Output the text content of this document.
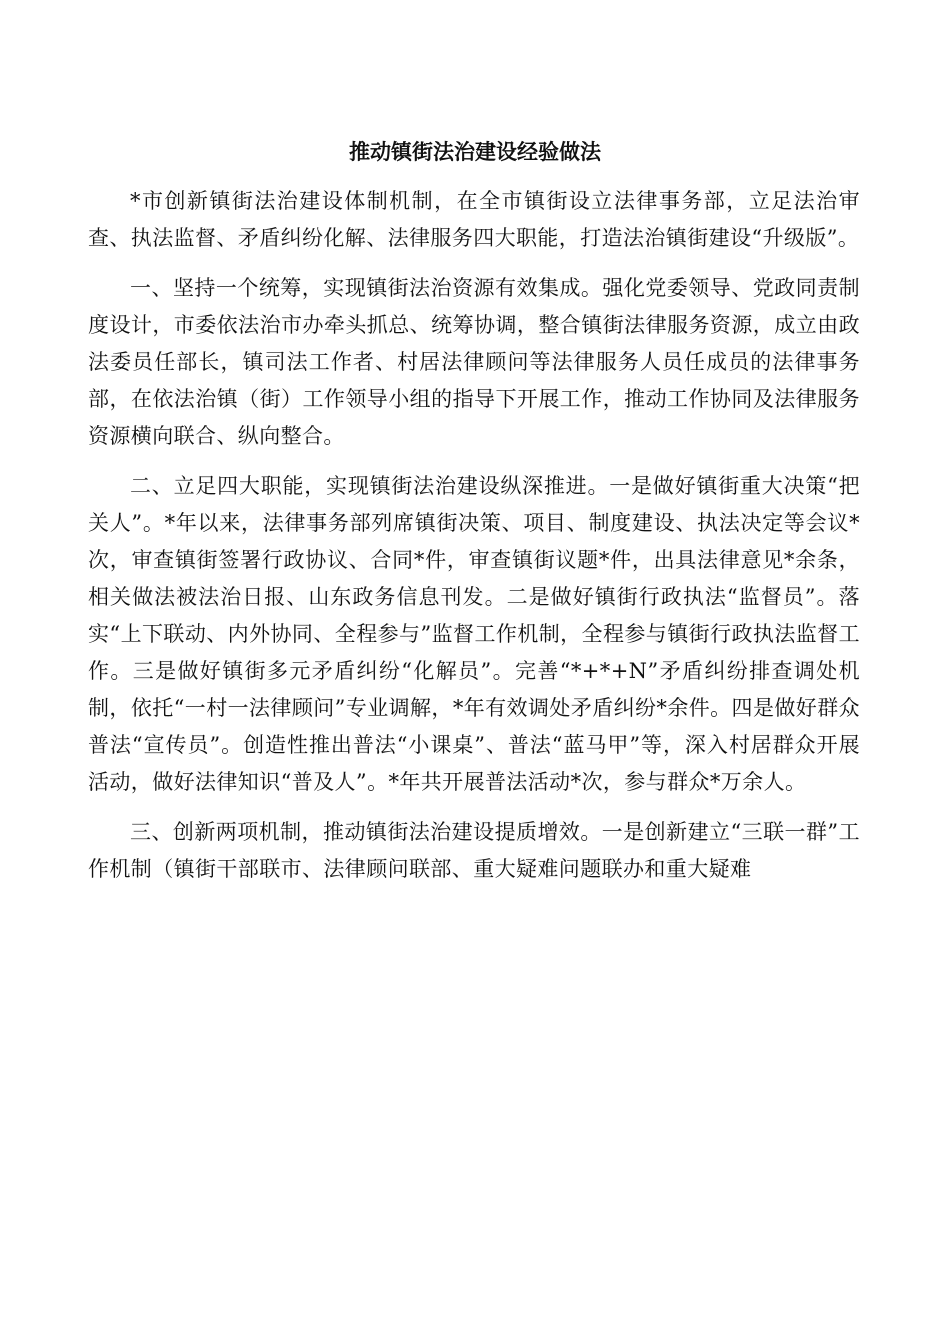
推动镇街法治建设经验做法

*市创新镇街法治建设体制机制，在全市镇街设立法律事务部，立足法治审查、执法监督、矛盾纠纷化解、法律服务四大职能，打造法治镇街建设“升级版”。

一、坚持一个统筹，实现镇街法治资源有效集成。强化党委领导、党政同责制度设计，市委依法治市办牵头抓总、统筹协调，整合镇街法律服务资源，成立由政法委员任部长，镇司法工作者、村居法律顾问等法律服务人员任成员的法律事务部，在依法治镇（街）工作领导小组的指导下开展工作，推动工作协同及法律服务资源横向联合、纵向整合。

二、立足四大职能，实现镇街法治建设纵深推进。一是做好镇街重大决策“把关人”。*年以来，法律事务部列席镇街决策、项目、制度建设、执法决定等会议*次，审查镇街签署行政协议、合同*件，审查镇街议题*件，出具法律意见*余条，相关做法被法治日报、山东政务信息刊发。二是做好镇街行政执法“监督员”。落实“上下联动、内外协同、全程参与”监督工作机制，全程参与镇街行政执法监督工作。三是做好镇街多元矛盾纠纷“化解员”。完善“*+*+N”矛盾纠纷排查调处机制，依托“一村一法律顾问”专业调解，*年有效调处矛盾纠纷*余件。四是做好群众普法“宣传员”。创造性推出普法“小课桌”、普法“蓝马甲”等，深入村居群众开展活动，做好法律知识“普及人”。*年共开展普法活动*次，参与群众*万余人。

三、创新两项机制，推动镇街法治建设提质增效。一是创新建立“三联一群”工作机制（镇街干部联市、法律顾问联部、重大疑难问题联办和重大疑难
